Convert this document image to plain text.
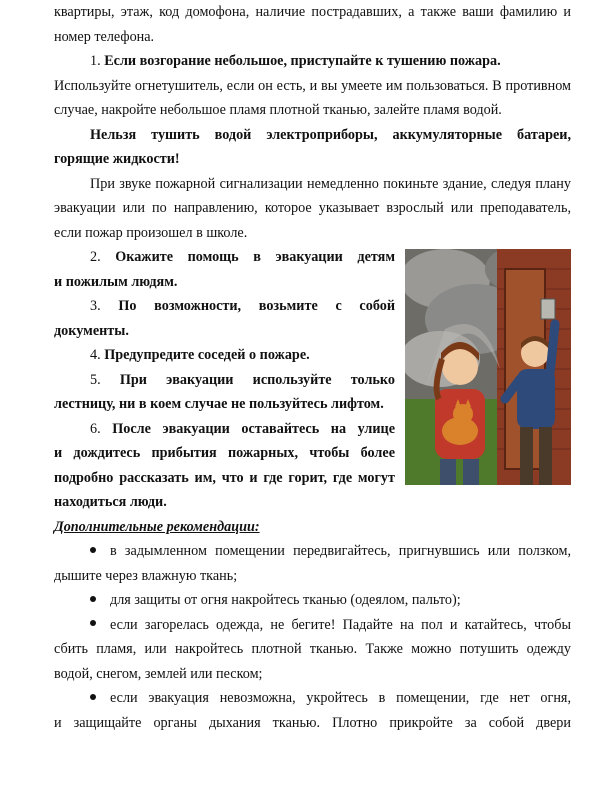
квартиры, этаж, код домофона, наличие пострадавших, а также ваши фамилию и

номер телефона.

1. Если возгорание небольшое, приступайте к тушению пожара.

Используйте огнетушитель, если он есть, и вы умеете им пользоваться. В противном

случае, накройте небольшое пламя плотной тканью, залейте пламя водой.

Нельзя тушить водой электроприборы, аккумуляторные батареи,

горящие жидкости!

При звуке пожарной сигнализации немедленно покиньте здание, следуя плану

эвакуации или по направлению, которое указывает взрослый или преподаватель,

если пожар произошел в школе.

2. Окажите помощь в эвакуации детям

и пожилым людям.

3. По возможности, возьмите с собой

документы.

4. Предупредите соседей о пожаре.

5. При эвакуации используйте только

лестницу, ни в коем случае не пользуйтесь лифтом.

6. После эвакуации оставайтесь на улице

и дождитесь прибытия пожарных, чтобы более

подробно рассказать им, что и где горит, где могут

находиться люди.

Дополнительные рекомендации:

в задымленном помещении передвигайтесь, пригнувшись или ползком,

дышите через влажную ткань;

для защиты от огня накройтесь тканью (одеялом, пальто);

если загорелась одежда, не бегите! Падайте на пол и катайтесь, чтобы

сбить пламя, или накройтесь плотной тканью. Также можно потушить одежду

водой, снегом, землей или песком;

если эвакуация невозможна, укройтесь в помещении, где нет огня,

и защищайте органы дыхания тканью. Плотно прикройте за собой двери
